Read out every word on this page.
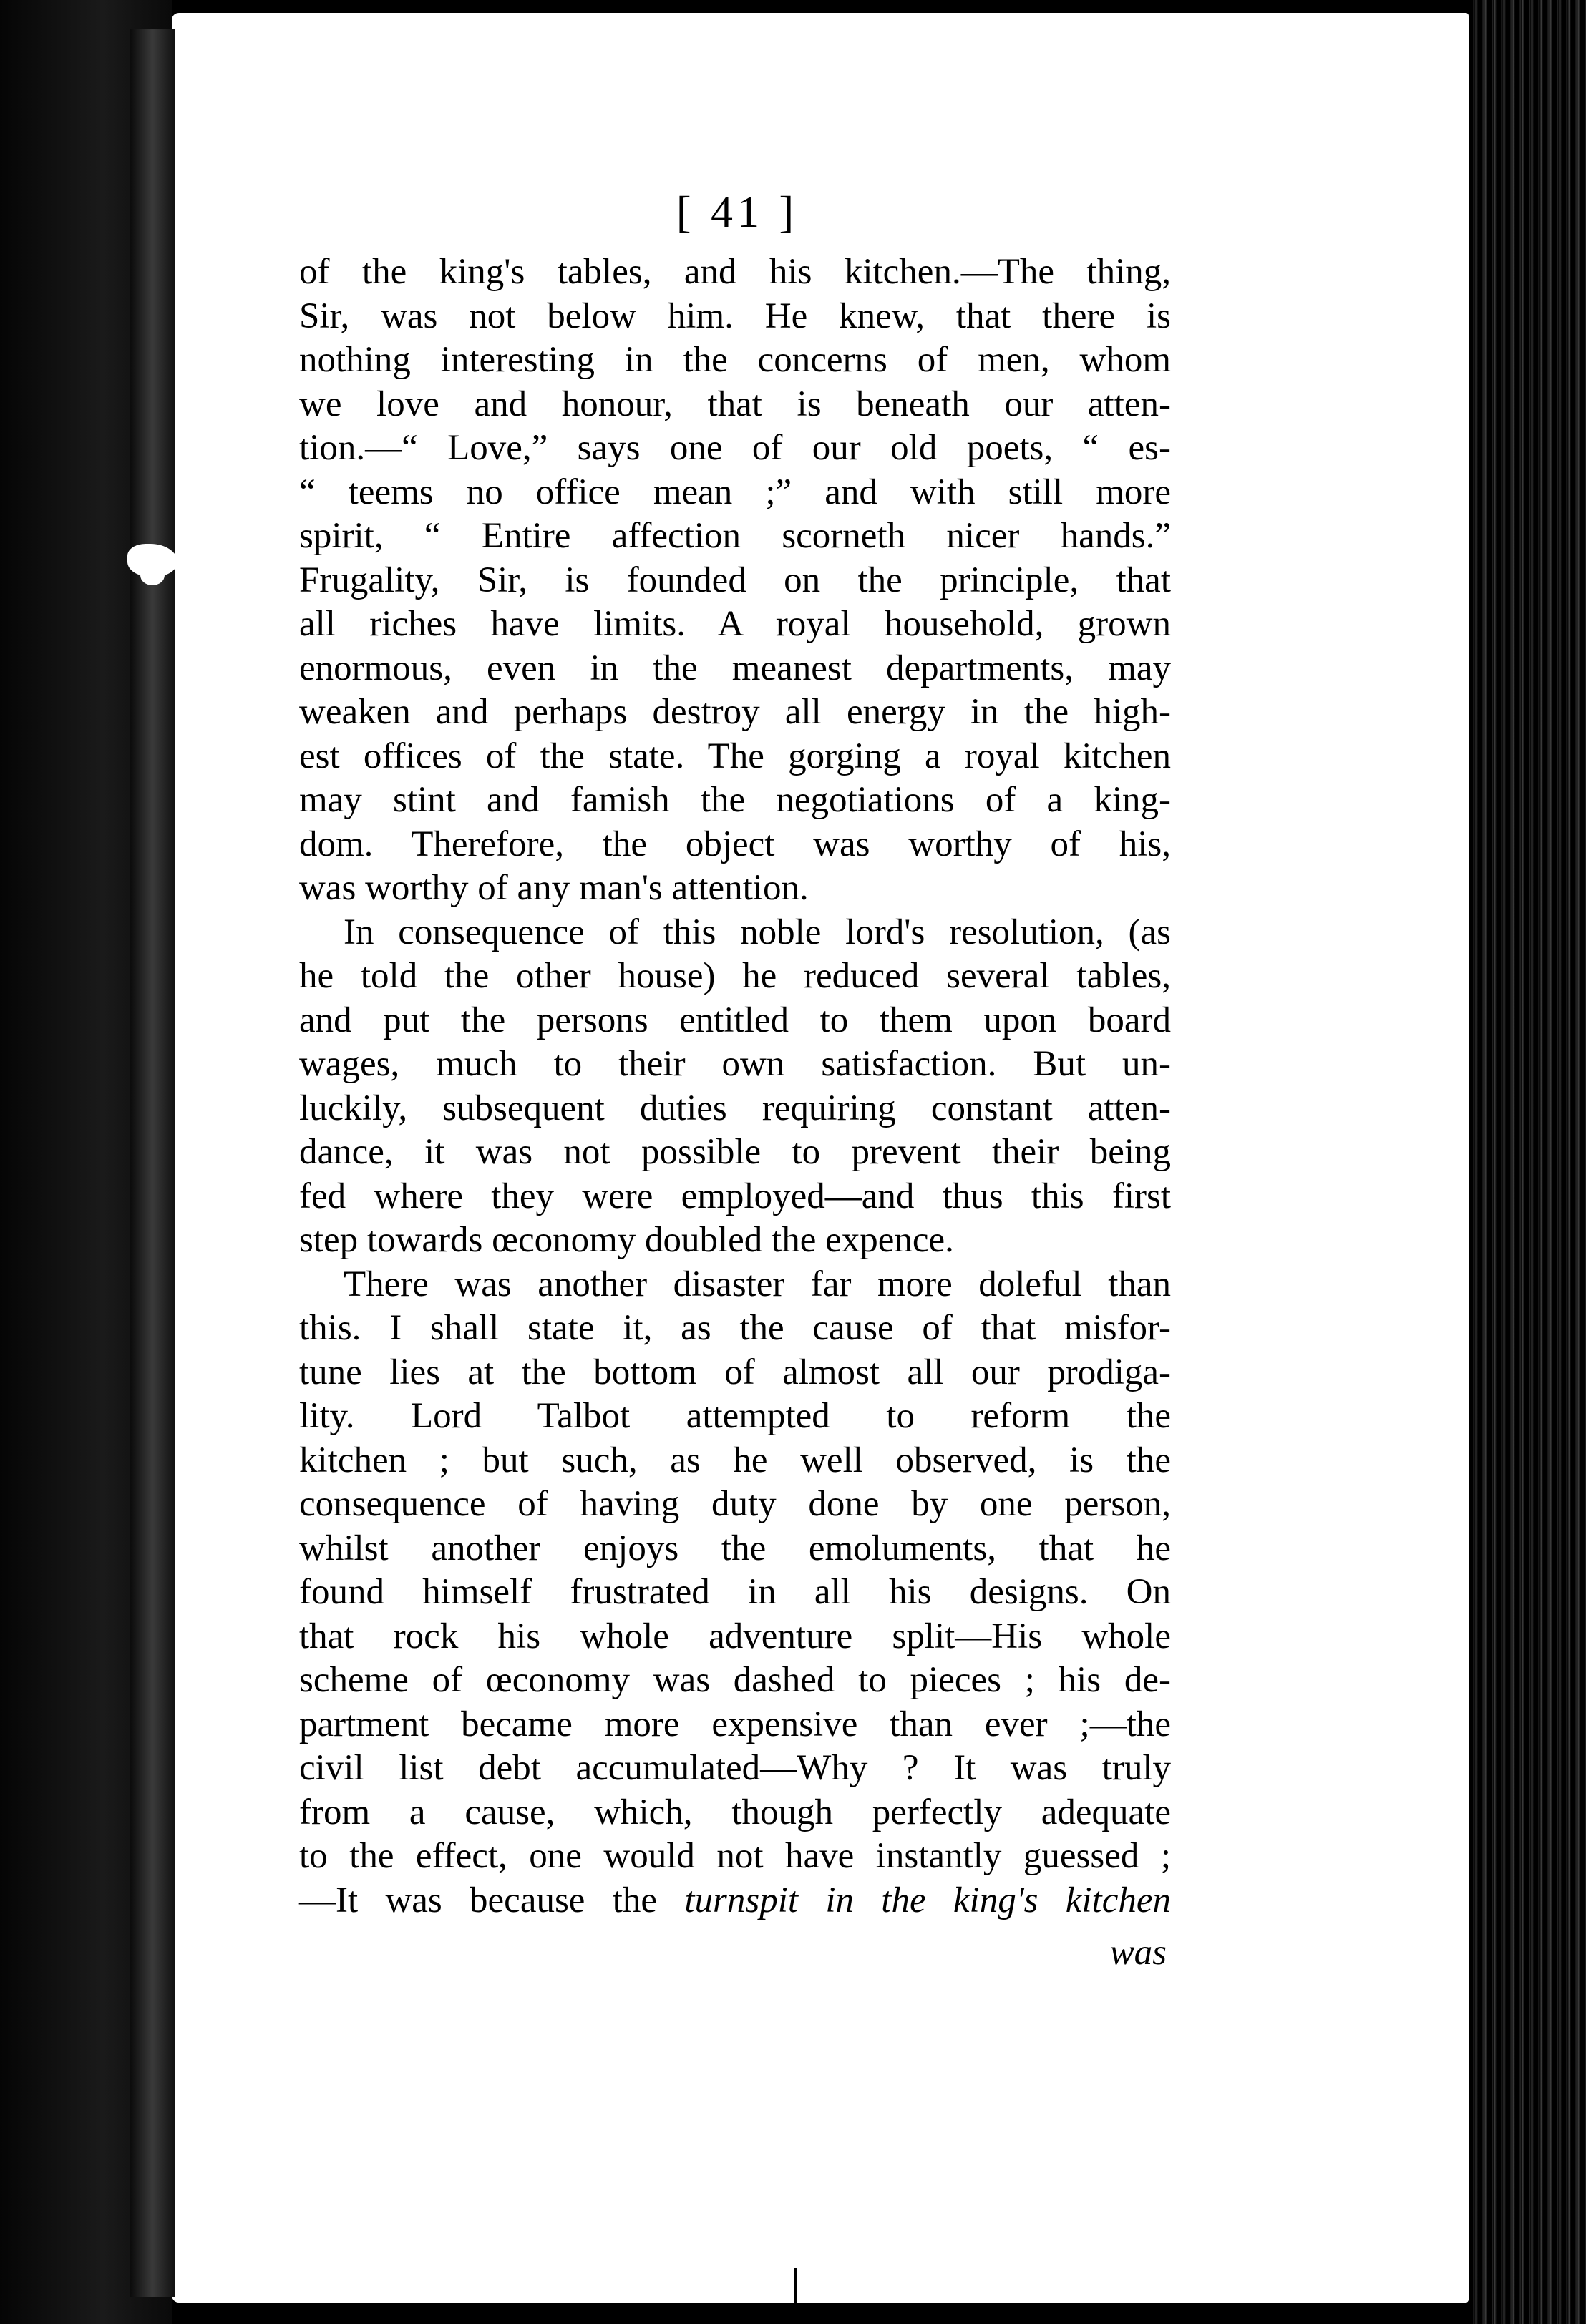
[ 41 ]
of the king's tables, and his kitchen.—The thing,
Sir, was not below him. He knew, that there is
nothing interesting in the concerns of men, whom
we love and honour, that is beneath our atten-
tion.—“ Love,” says one of our old poets, “ es-
“ teems no office mean ;” and with still more
spirit, “ Entire affection scorneth nicer hands.”
Frugality, Sir, is founded on the principle, that
all riches have limits. A royal household, grown
enormous, even in the meanest departments, may
weaken and perhaps destroy all energy in the high-
est offices of the state. The gorging a royal kitchen
may stint and famish the negotiations of a king-
dom. Therefore, the object was worthy of his,
was worthy of any man's attention.
In consequence of this noble lord's resolution, (as
he told the other house) he reduced several tables,
and put the persons entitled to them upon board
wages, much to their own satisfaction. But un-
luckily, subsequent duties requiring constant atten-
dance, it was not possible to prevent their being
fed where they were employed—and thus this first
step towards œconomy doubled the expence.
There was another disaster far more doleful than
this. I shall state it, as the cause of that misfor-
tune lies at the bottom of almost all our prodiga-
lity. Lord Talbot attempted to reform the
kitchen ; but such, as he well observed, is the
consequence of having duty done by one person,
whilst another enjoys the emoluments, that he
found himself frustrated in all his designs. On
that rock his whole adventure split—His whole
scheme of œconomy was dashed to pieces ; his de-
partment became more expensive than ever ;—the
civil list debt accumulated—Why ? It was truly
from a cause, which, though perfectly adequate
to the effect, one would not have instantly guessed ;
—It was because the turnspit in the king's kitchen
was
